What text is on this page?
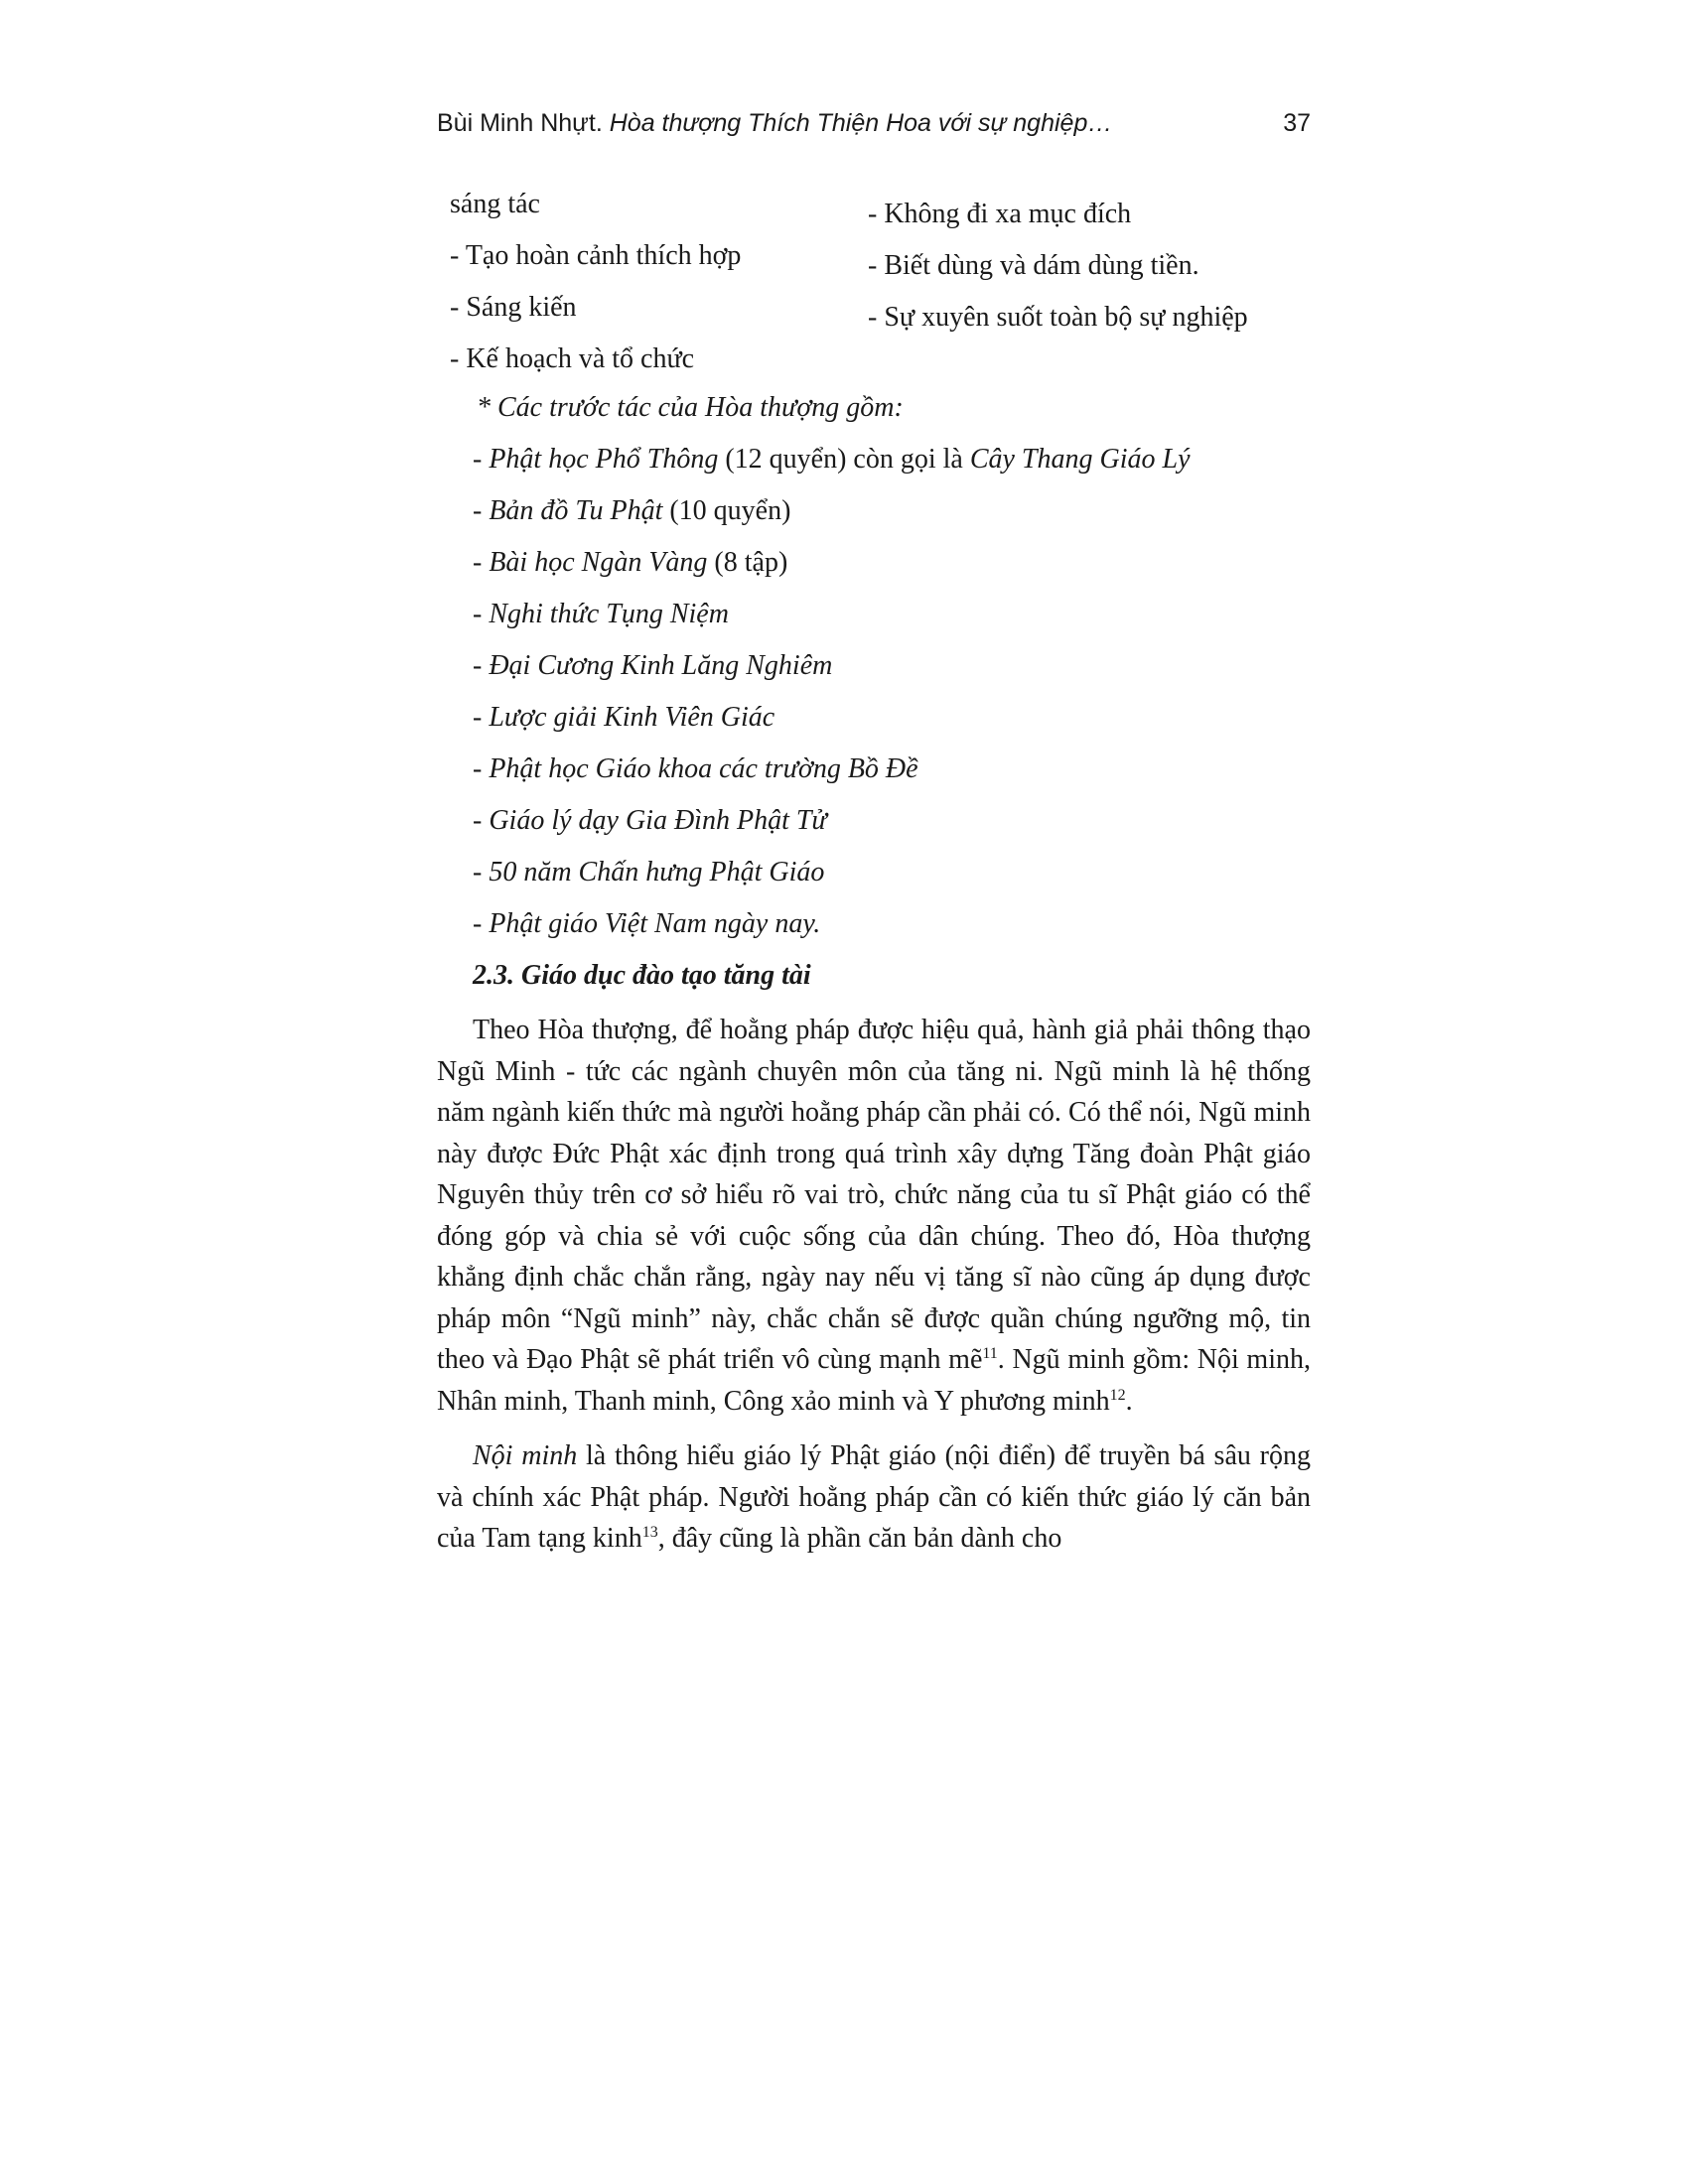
Bùi Minh Nhựt. Hòa thượng Thích Thiện Hoa với sự nghiệp…	37
sáng tác
- Tạo hoàn cảnh thích hợp
- Sáng kiến
- Kế hoạch và tổ chức
- Không đi xa mục đích
- Biết dùng và dám dùng tiền.
- Sự xuyên suốt toàn bộ sự nghiệp
* Các trước tác của Hòa thượng gồm:
- Phật học Phổ Thông (12 quyển) còn gọi là Cây Thang Giáo Lý
- Bản đồ Tu Phật (10 quyển)
- Bài học Ngàn Vàng (8 tập)
- Nghi thức Tụng Niệm
- Đại Cương Kinh Lăng Nghiêm
- Lược giải Kinh Viên Giác
- Phật học Giáo khoa các trường Bồ Đề
- Giáo lý dạy Gia Đình Phật Tử
- 50 năm Chấn hưng Phật Giáo
- Phật giáo Việt Nam ngày nay.
2.3. Giáo dục đào tạo tăng tài

Theo Hòa thượng, để hoằng pháp được hiệu quả, hành giả phải thông thạo Ngũ Minh - tức các ngành chuyên môn của tăng ni. Ngũ minh là hệ thống năm ngành kiến thức mà người hoằng pháp cần phải có. Có thể nói, Ngũ minh này được Đức Phật xác định trong quá trình xây dựng Tăng đoàn Phật giáo Nguyên thủy trên cơ sở hiểu rõ vai trò, chức năng của tu sĩ Phật giáo có thể đóng góp và chia sẻ với cuộc sống của dân chúng. Theo đó, Hòa thượng khẳng định chắc chắn rằng, ngày nay nếu vị tăng sĩ nào cũng áp dụng được pháp môn “Ngũ minh” này, chắc chắn sẽ được quần chúng ngưỡng mộ, tin theo và Đạo Phật sẽ phát triển vô cùng mạnh mẽ$^{11}$. Ngũ minh gồm: Nội minh, Nhân minh, Thanh minh, Công xảo minh và Y phương minh$^{12}$.

Nội minh là thông hiểu giáo lý Phật giáo (nội điển) để truyền bá sâu rộng và chính xác Phật pháp. Người hoằng pháp cần có kiến thức giáo lý căn bản của Tam tạng kinh$^{13}$, đây cũng là phần căn bản dành cho
